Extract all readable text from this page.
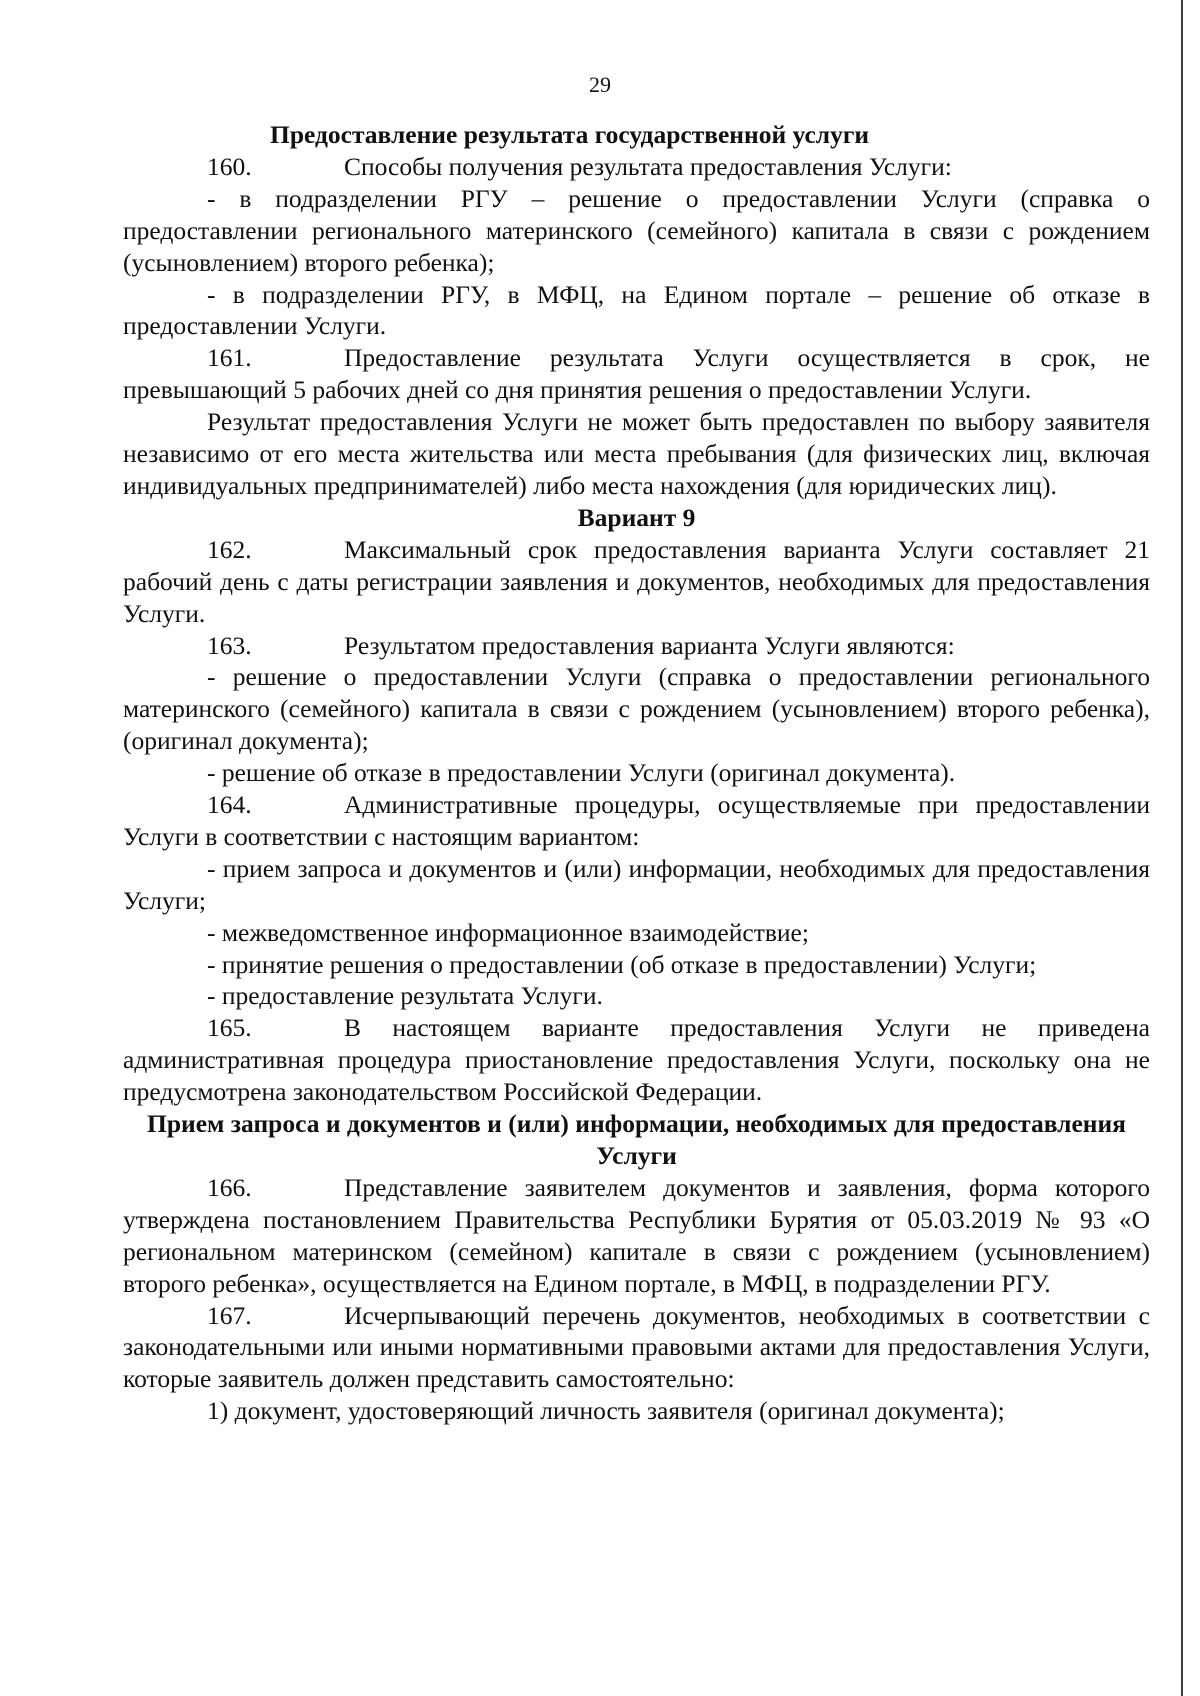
29

Предоставление результата государственной услуги

160.	Способы получения результата предоставления Услуги:

- в подразделении РГУ – решение о предоставлении Услуги (справка о предоставлении регионального материнского (семейного) капитала в связи с рождением (усыновлением) второго ребенка);

- в подразделении РГУ, в МФЦ, на Едином портале – решение об отказе в предоставлении Услуги.

161.	Предоставление результата Услуги осуществляется в срок, не превышающий 5 рабочих дней со дня принятия решения о предоставлении Услуги.

Результат предоставления Услуги не может быть предоставлен по выбору заявителя независимо от его места жительства или места пребывания (для физических лиц, включая индивидуальных предпринимателей) либо места нахождения (для юридических лиц).

Вариант 9

162.	Максимальный срок предоставления варианта Услуги составляет 21 рабочий день с даты регистрации заявления и документов, необходимых для предоставления Услуги.

163.	Результатом предоставления варианта Услуги являются:

- решение о предоставлении Услуги (справка о предоставлении регионального материнского (семейного) капитала в связи с рождением (усыновлением) второго ребенка), (оригинал документа);

- решение об отказе в предоставлении Услуги (оригинал документа).

164.	Административные процедуры, осуществляемые при предоставлении Услуги в соответствии с настоящим вариантом:

- прием запроса и документов и (или) информации, необходимых для предоставления Услуги;

- межведомственное информационное взаимодействие;

- принятие решения о предоставлении (об отказе в предоставлении) Услуги;

- предоставление результата Услуги.

165.	В настоящем варианте предоставления Услуги не приведена административная процедура приостановление предоставления Услуги, поскольку она не предусмотрена законодательством Российской Федерации.

Прием запроса и документов и (или) информации, необходимых для предоставления Услуги

166.	Представление заявителем документов и заявления, форма которого утверждена постановлением Правительства Республики Бурятия от 05.03.2019 № 93 «О региональном материнском (семейном) капитале в связи с рождением (усыновлением) второго ребенка», осуществляется на Едином портале, в МФЦ, в подразделении РГУ.

167.	Исчерпывающий перечень документов, необходимых в соответствии с законодательными или иными нормативными правовыми актами для предоставления Услуги, которые заявитель должен представить самостоятельно:

1) документ, удостоверяющий личность заявителя (оригинал документа);
